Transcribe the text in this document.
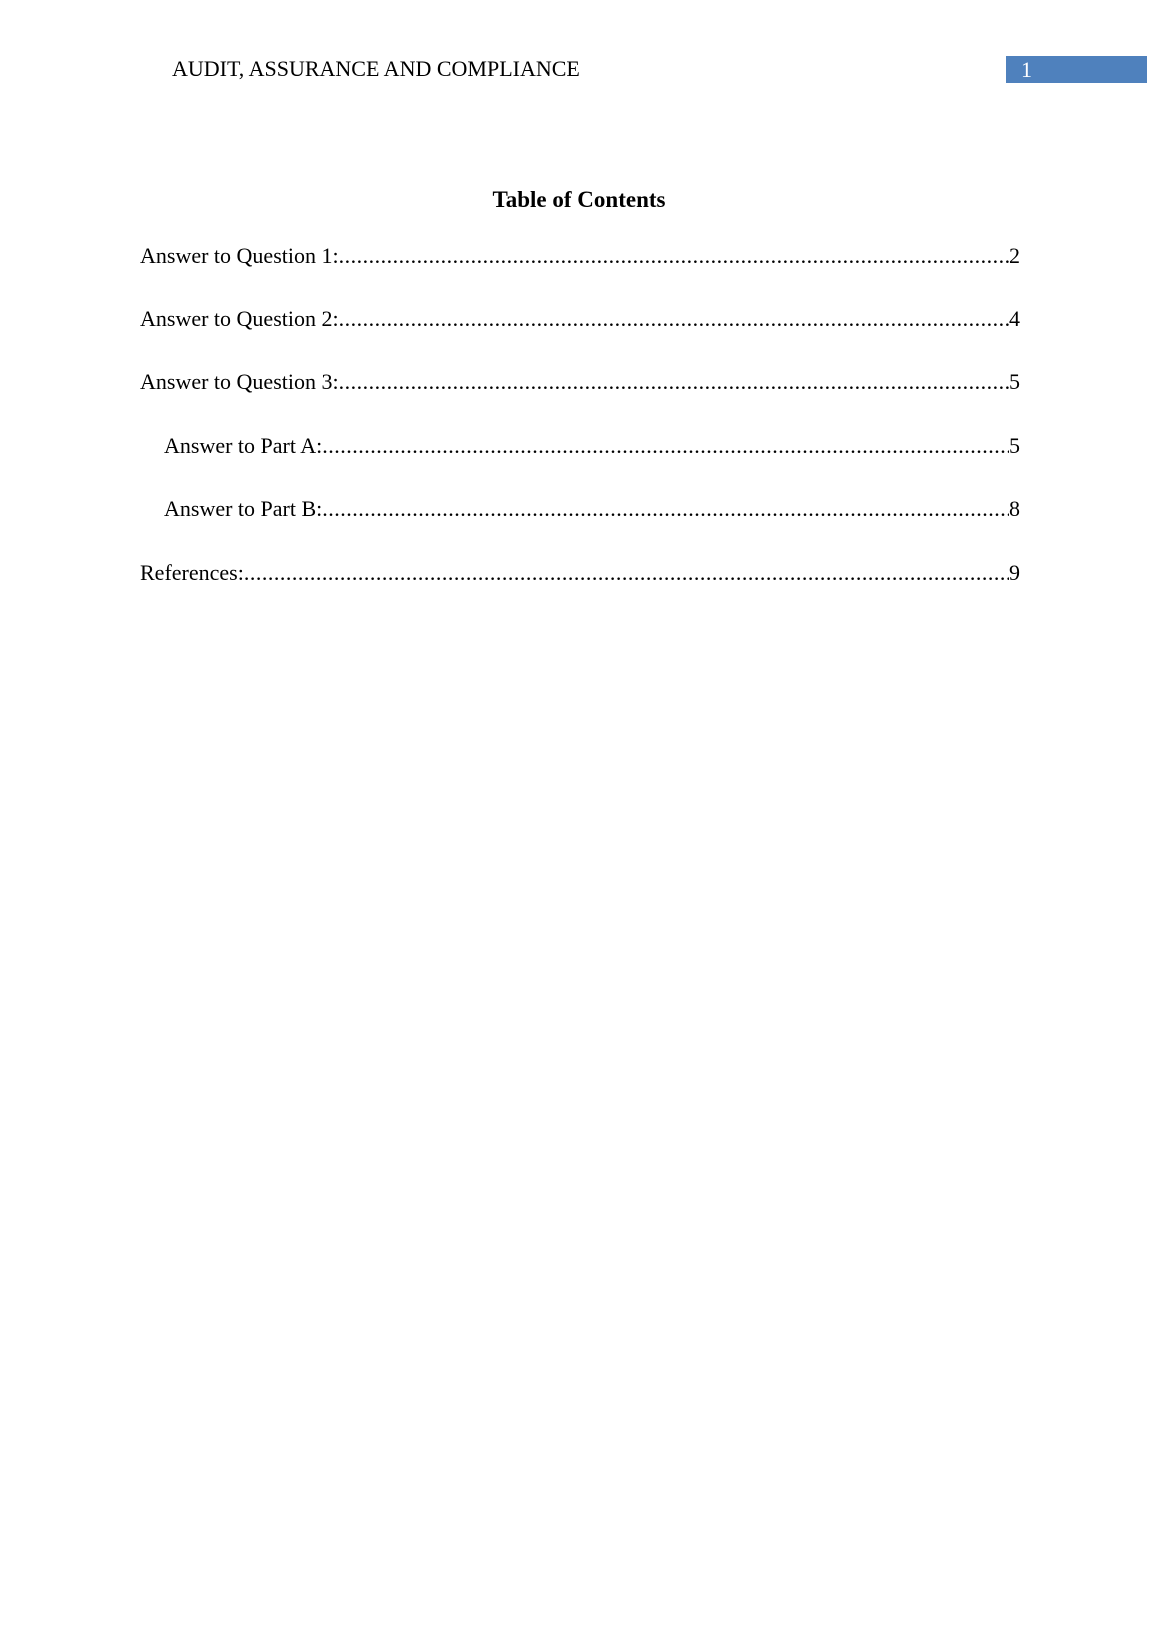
AUDIT, ASSURANCE AND COMPLIANCE	1
Table of Contents
Answer to Question 1: .....	2
Answer to Question 2: .....	4
Answer to Question 3: .....	5
Answer to Part A: .....	5
Answer to Part B: .....	8
References: .....	9
